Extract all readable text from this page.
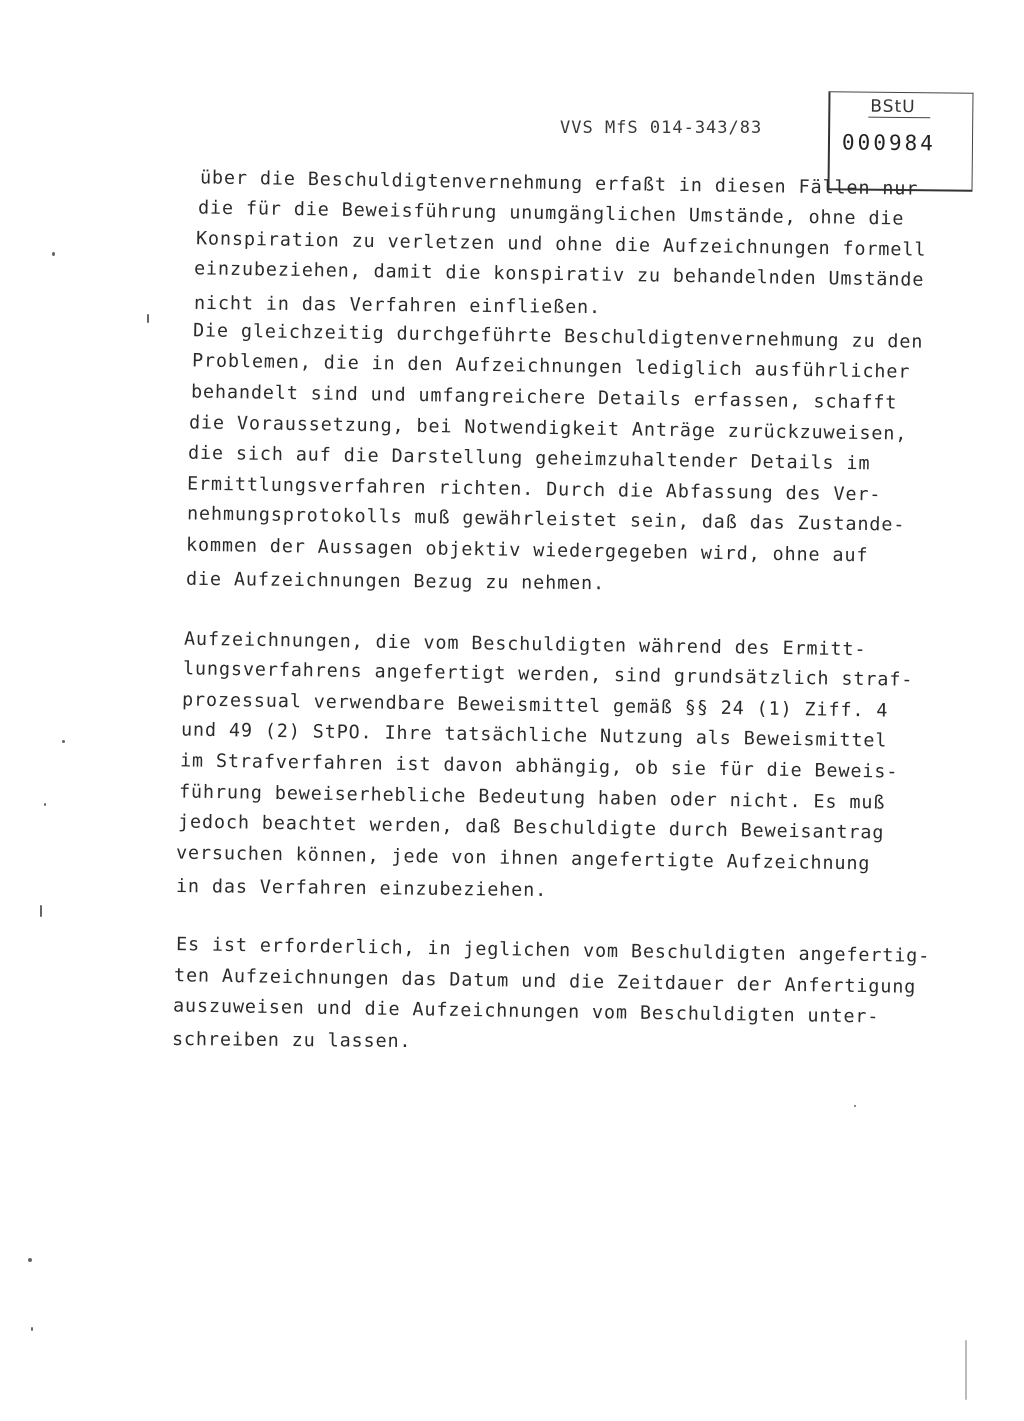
VVS MfS 014-343/83
BStU
000984
über die Beschuldigtenvernehmung erfaßt in diesen Fällen nur
die für die Beweisführung unumgänglichen Umstände, ohne die
Konspiration zu verletzen und ohne die Aufzeichnungen formell
einzubeziehen, damit die konspirativ zu behandelnden Umstände
nicht in das Verfahren einfließen.
Die gleichzeitig durchgeführte Beschuldigtenvernehmung zu den
Problemen, die in den Aufzeichnungen lediglich ausführlicher
behandelt sind und umfangreichere Details erfassen, schafft
die Voraussetzung, bei Notwendigkeit Anträge zurückzuweisen,
die sich auf die Darstellung geheimzuhaltender Details im
Ermittlungsverfahren richten. Durch die Abfassung des Ver-
nehmungsprotokolls muß gewährleistet sein, daß das Zustande-
kommen der Aussagen objektiv wiedergegeben wird, ohne auf
die Aufzeichnungen Bezug zu nehmen.
Aufzeichnungen, die vom Beschuldigten während des Ermitt-
lungsverfahrens angefertigt werden, sind grundsätzlich straf-
prozessual verwendbare Beweismittel gemäß §§ 24 (1) Ziff. 4
und 49 (2) StPO. Ihre tatsächliche Nutzung als Beweismittel
im Strafverfahren ist davon abhängig, ob sie für die Beweis-
führung beweiserhebliche Bedeutung haben oder nicht. Es muß
jedoch beachtet werden, daß Beschuldigte durch Beweisantrag
versuchen können, jede von ihnen angefertigte Aufzeichnung
in das Verfahren einzubeziehen.
Es ist erforderlich, in jeglichen vom Beschuldigten angefertig-
ten Aufzeichnungen das Datum und die Zeitdauer der Anfertigung
auszuweisen und die Aufzeichnungen vom Beschuldigten unter-
schreiben zu lassen.
